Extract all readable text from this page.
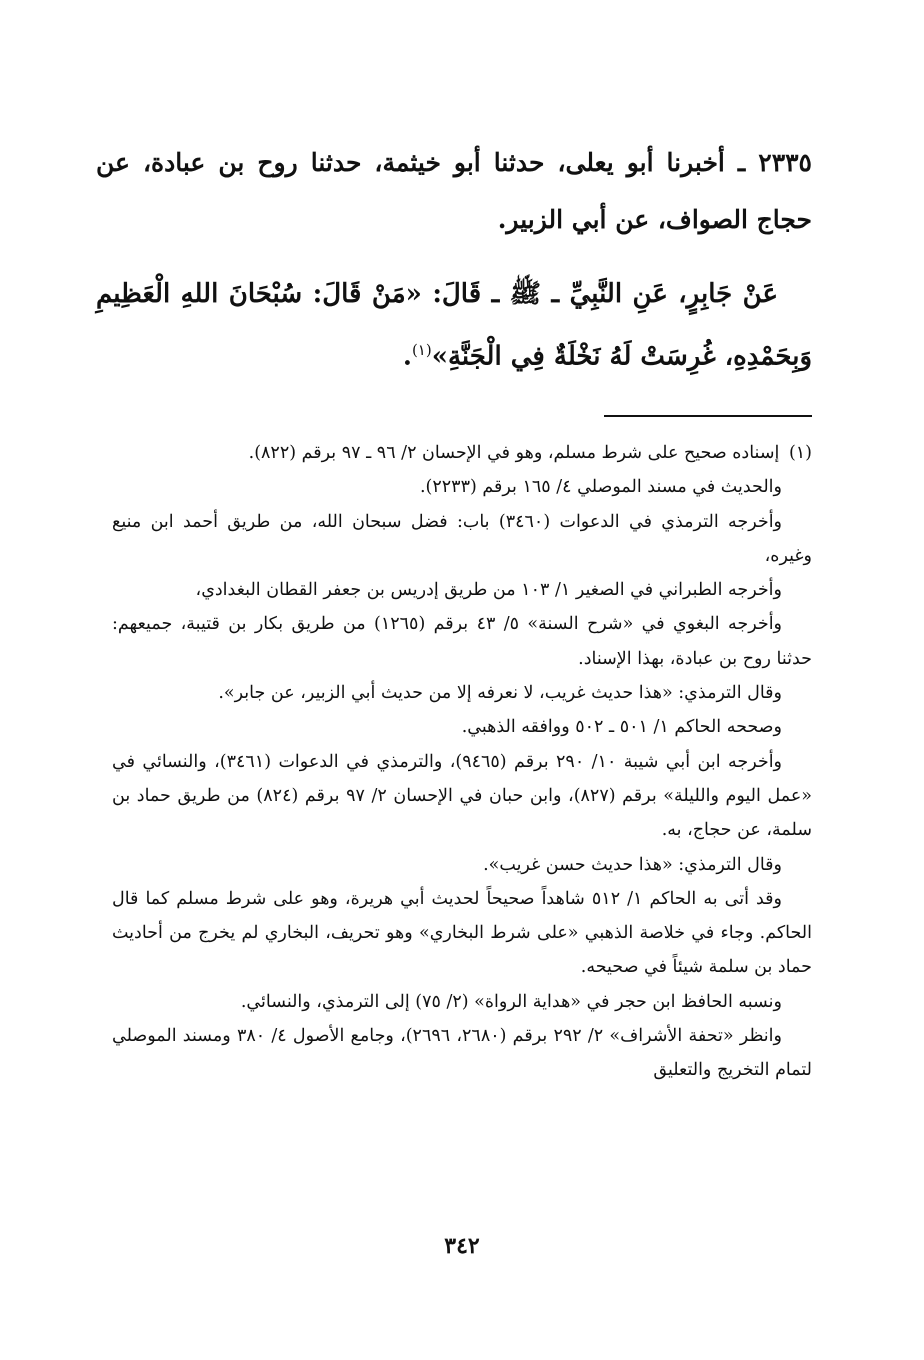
٢٣٣٥ ـ أخبرنا أبو يعلى، حدثنا أبو خيثمة، حدثنا روح بن عبادة، عن حجاج الصواف، عن أبي الزبير.

عَنْ جَابِرٍ، عَنِ النَّبِيِّ ـ ﷺ ـ قَالَ: «مَنْ قَالَ: سُبْحَانَ اللهِ الْعَظِيمِ وَبِحَمْدِهِ، غُرِسَتْ لَهُ نَخْلَةٌ فِي الْجَنَّةِ»$^{(١)}$.

(١) إسناده صحيح على شرط مسلم، وهو في الإحسان ٢/ ٩٦ ـ ٩٧ برقم (٨٢٢).

والحديث في مسند الموصلي ٤/ ١٦٥ برقم (٢٢٣٣).

وأخرجه الترمذي في الدعوات (٣٤٦٠) باب: فضل سبحان الله، من طريق أحمد ابن منيع وغيره،

وأخرجه الطبراني في الصغير ١/ ١٠٣ من طريق إدريس بن جعفر القطان البغدادي،

وأخرجه البغوي في «شرح السنة» ٥/ ٤٣ برقم (١٢٦٥) من طريق بكار بن قتيبة، جميعهم: حدثنا روح بن عبادة، بهذا الإسناد.

وقال الترمذي: «هذا حديث غريب، لا نعرفه إلا من حديث أبي الزبير، عن جابر».

وصححه الحاكم ١/ ٥٠١ ـ ٥٠٢ ووافقه الذهبي.

وأخرجه ابن أبي شيبة ١٠/ ٢٩٠ برقم (٩٤٦٥)، والترمذي في الدعوات (٣٤٦١)، والنسائي في «عمل اليوم والليلة» برقم (٨٢٧)، وابن حبان في الإحسان ٢/ ٩٧ برقم (٨٢٤) من طريق حماد بن سلمة، عن حجاج، به.

وقال الترمذي: «هذا حديث حسن غريب».

وقد أتى به الحاكم ١/ ٥١٢ شاهداً صحيحاً لحديث أبي هريرة، وهو على شرط مسلم كما قال الحاكم. وجاء في خلاصة الذهبي «على شرط البخاري» وهو تحريف، البخاري لم يخرج من أحاديث حماد بن سلمة شيئاً في صحيحه.

ونسبه الحافظ ابن حجر في «هداية الرواة» (٢/ ٧٥) إلى الترمذي، والنسائي.

وانظر «تحفة الأشراف» ٢/ ٢٩٢ برقم (٢٦٨٠، ٢٦٩٦)، وجامع الأصول ٤/ ٣٨٠ ومسند الموصلي لتمام التخريج والتعليق

٣٤٢
